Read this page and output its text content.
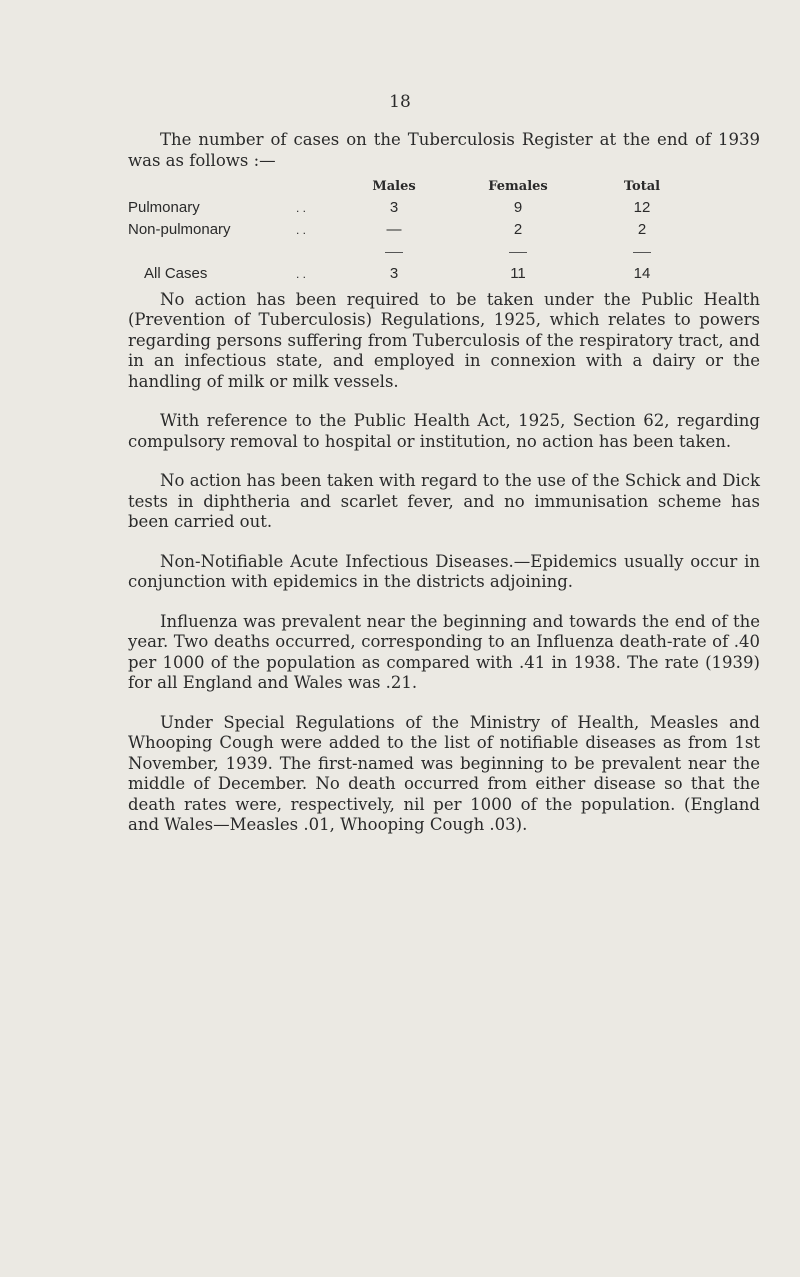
18

The number of cases on the Tuberculosis Register at the end of 1939 was as follows :—

		Males	Females	Total
Pulmonary	. .	3	9	12
Non-pulmonary	. .	—	2	2

All Cases	. .	3	11	14

No action has been required to be taken under the Public Health (Prevention of Tuberculosis) Regulations, 1925, which relates to powers regarding persons suffering from Tuberculosis of the respiratory tract, and in an infectious state, and employed in connexion with a dairy or the handling of milk or milk vessels.

With reference to the Public Health Act, 1925, Section 62, regarding compulsory removal to hospital or institution, no action has been taken.

No action has been taken with regard to the use of the Schick and Dick tests in diphtheria and scarlet fever, and no immunisation scheme has been carried out.

Non-Notifiable Acute Infectious Diseases.—Epidemics usually occur in conjunction with epidemics in the districts adjoining.

Influenza was prevalent near the beginning and towards the end of the year. Two deaths occurred, corresponding to an Influenza death-rate of .40 per 1000 of the population as compared with .41 in 1938. The rate (1939) for all England and Wales was .21.

Under Special Regulations of the Ministry of Health, Measles and Whooping Cough were added to the list of notifiable diseases as from 1st November, 1939. The first-named was beginning to be prevalent near the middle of December. No death occurred from either disease so that the death rates were, respectively, nil per 1000 of the population. (England and Wales—Measles .01, Whooping Cough .03).
